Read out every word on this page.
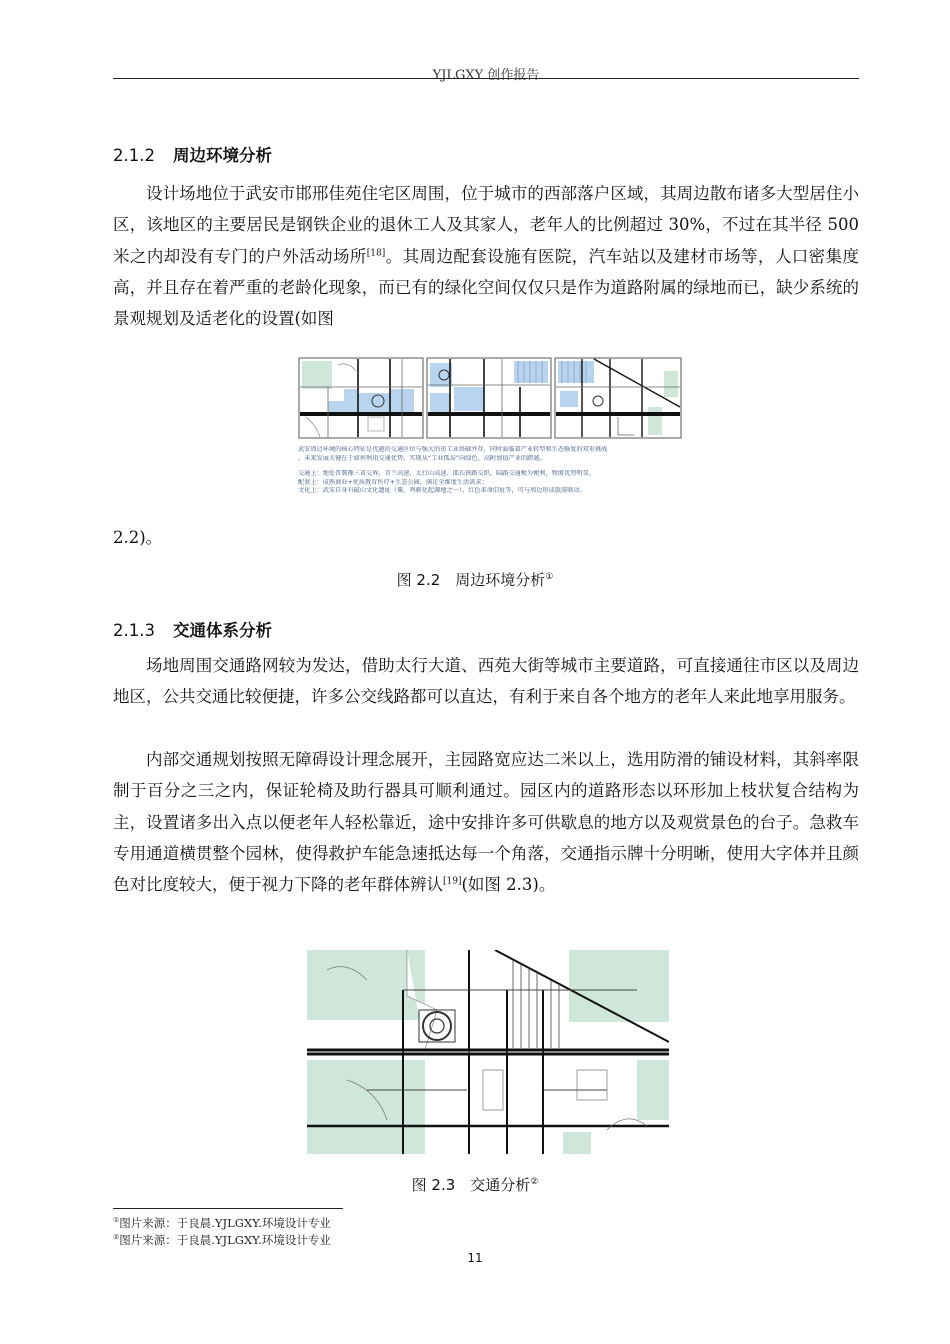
YJLGXY 创作报告
2.1.2 周边环境分析

设计场地位于武安市邯邢佳苑住宅区周围，位于城市的西部落户区域，其周边散布诸多大型居住小区，该地区的主要居民是钢铁企业的退休工人及其家人，老年人的比例超过 30%，不过在其半径 500 米之内却没有专门的户外活动场所[18]。其周边配套设施有医院，汽车站以及建材市场等，人口密集度高，并且存在着严重的老龄化现象，而已有的绿化空间仅仅只是作为道路附属的绿地而已，缺少系统的景观规划及适老化的设置(如图

武安周边环境的核心特征是优越的交通区位与强大的重工业基础并存，同时面临着产业转型和生态修复的双重挑战
。未来发展关键在于如何利用交通优势，实现从“工业孤岛”向绿色、高附加值产业的跨越。
交通上：地处晋冀豫三省交界，青兰高速、太行山高速、邯长铁路交织，陆路交通极为便利，物流优势明显。
配套上：成熟商业+优质教育医疗+生态公园，满足全维度生活需求；
文化上：武安自身有磁山文化遗址（粟、鸡驯化起源地之一）、红色革命旧址等，可与周边形成旅游联动。
2.2)。
图 2.2　周边环境分析①
2.1.3 交通体系分析

场地周围交通路网较为发达，借助太行大道、西苑大街等城市主要道路，可直接通往市区以及周边地区，公共交通比较便捷，许多公交线路都可以直达，有利于来自各个地方的老年人来此地享用服务。

内部交通规划按照无障碍设计理念展开，主园路宽应达二米以上，选用防滑的铺设材料，其斜率限制于百分之三之内，保证轮椅及助行器具可顺利通过。园区内的道路形态以环形加上枝状复合结构为主，设置诸多出入点以便老年人轻松靠近，途中安排许多可供歇息的地方以及观赏景色的台子。急救车专用通道横贯整个园林，使得救护车能急速抵达每一个角落，交通指示牌十分明晰，使用大字体并且颜色对比度较大，便于视力下降的老年群体辨认[19](如图 2.3)。

图 2.3　交通分析②
①图片来源：于良晨.YJLGXY.环境设计专业
②图片来源：于良晨.YJLGXY.环境设计专业
11
